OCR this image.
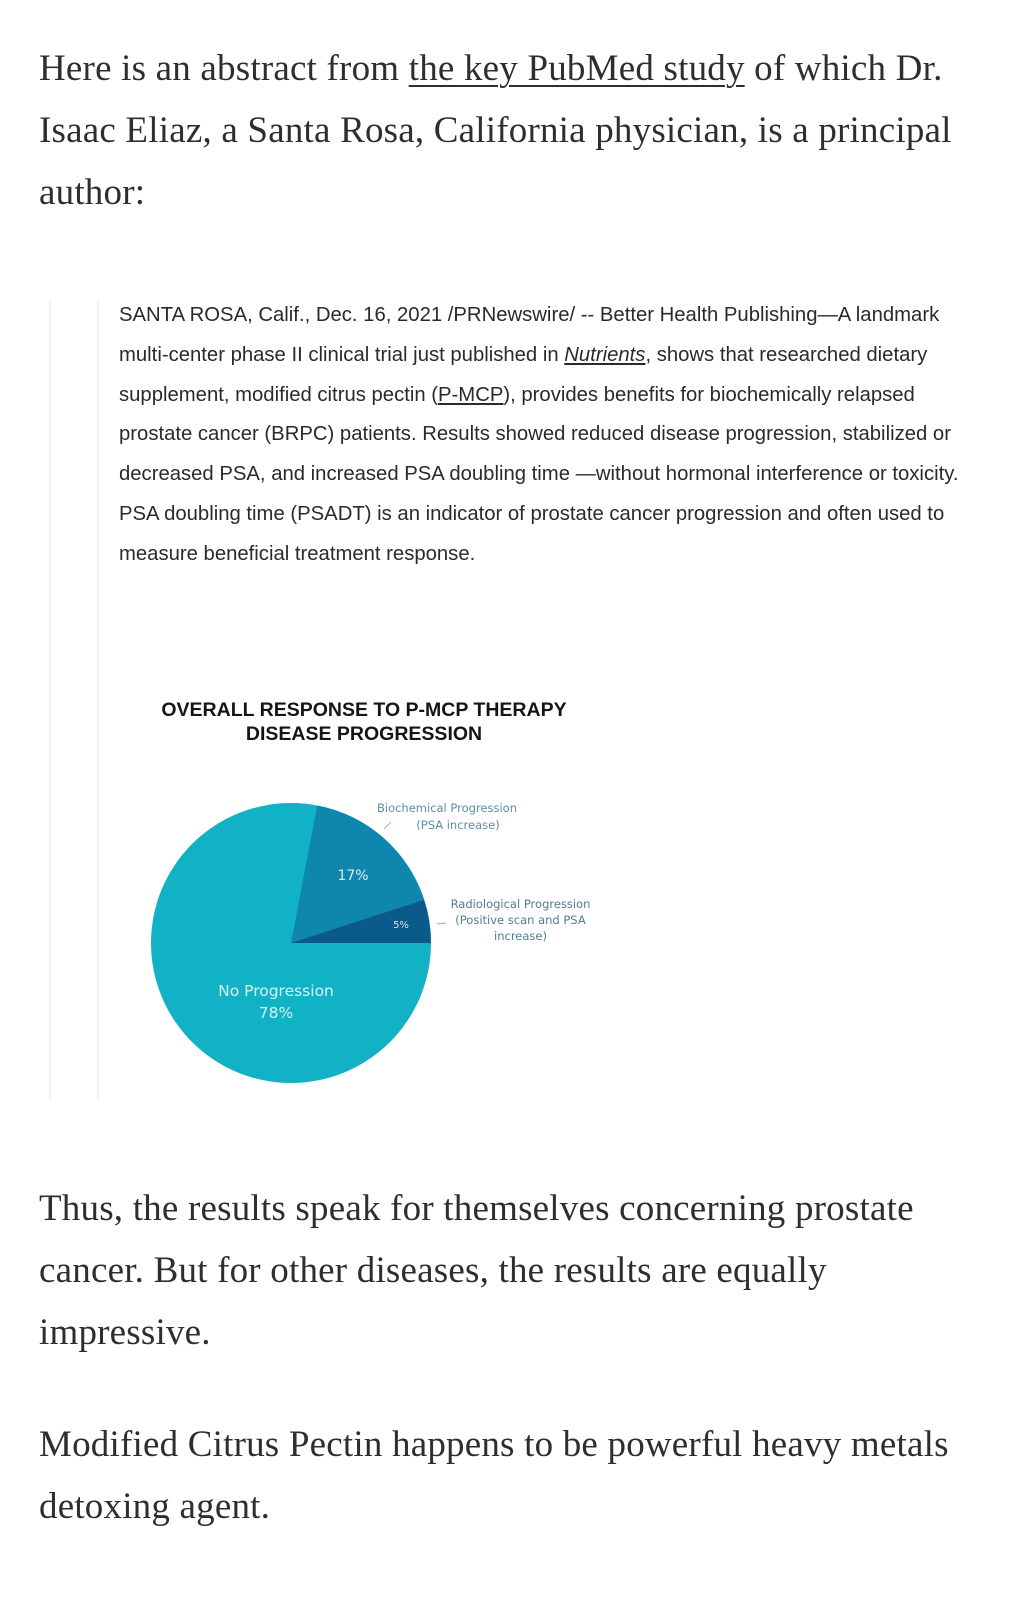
Here is an abstract from the key PubMed study of which Dr. Isaac Eliaz, a Santa Rosa, California physician, is a principal author:

SANTA ROSA, Calif., Dec. 16, 2021 /PRNewswire/ -- Better Health Publishing—A landmark multi-center phase II clinical trial just published in Nutrients, shows that researched dietary supplement, modified citrus pectin (P-MCP), provides benefits for biochemically relapsed prostate cancer (BRPC) patients. Results showed reduced disease progression, stabilized or decreased PSA, and increased PSA doubling time —without hormonal interference or toxicity. PSA doubling time (PSADT) is an indicator of prostate cancer progression and often used to measure beneficial treatment response.
OVERALL RESPONSE TO P-MCP THERAPY
DISEASE PROGRESSION
Biochemical Progression
(PSA increase)
Radiological Progression
(Positive scan and PSA
increase)
17%
5%
No Progression
78%

Thus, the results speak for themselves concerning prostate cancer. But for other diseases, the results are equally impressive.

Modified Citrus Pectin happens to be powerful heavy metals detoxing agent.
